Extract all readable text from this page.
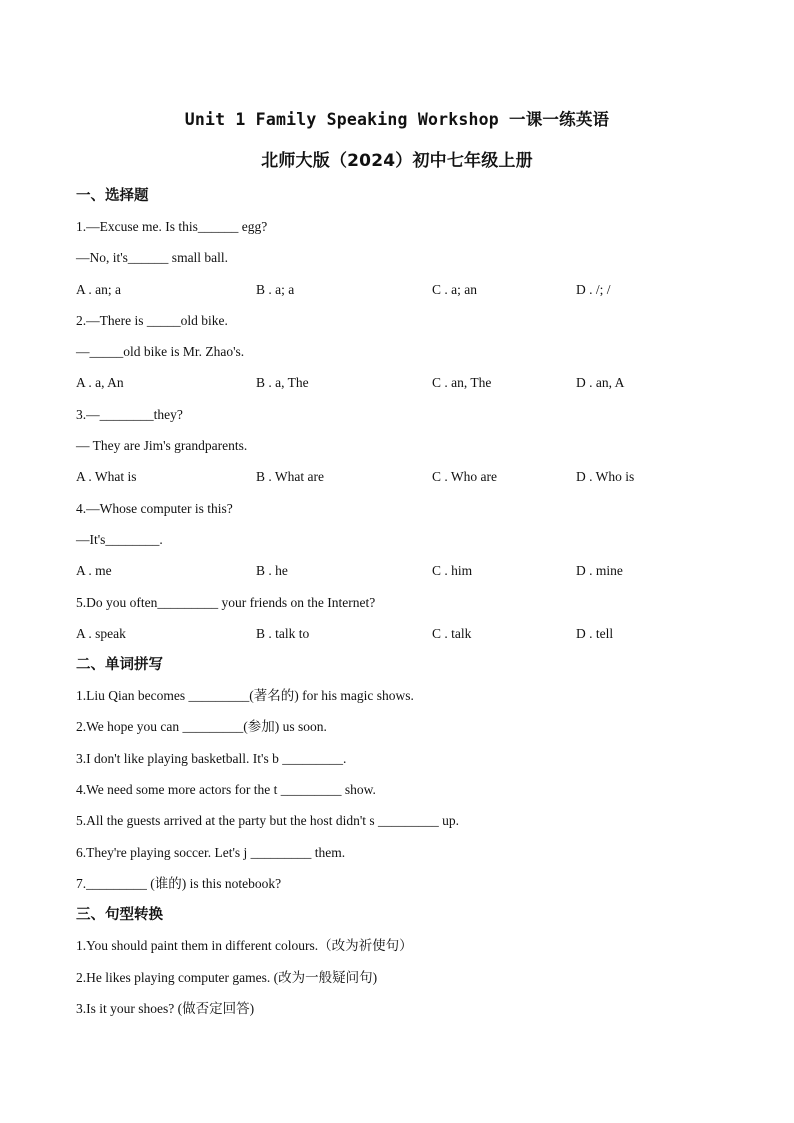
Unit 1 Family Speaking Workshop 一课一练英语
北师大版（2024）初中七年级上册
一、选择题
1.—Excuse me. Is this______ egg?
—No, it's______ small ball.
A . an; a	B . a; a	C . a; an	D . /; /
2.—There is _____old bike.
—_____old bike is Mr. Zhao's.
A . a, An	B . a, The	C . an, The	D . an, A
3.—________they?
— They are Jim's grandparents.
A . What is	B . What are	C . Who are	D . Who is
4.—Whose computer is this?
—It's________.
A . me	B . he	C . him	D . mine
5.Do you often_________ your friends on the Internet?
A . speak	B . talk to	C . talk	D . tell
二、单词拼写
1.Liu Qian becomes _________(著名的) for his magic shows.
2.We hope you can _________(参加) us soon.
3.I don't like playing basketball. It's b _________.
4.We need some more actors for the t _________ show.
5.All the guests arrived at the party but the host didn't s _________ up.
6.They're playing soccer. Let's j _________ them.
7._________ (谁的) is this notebook?
三、句型转换
1.You should paint them in different colours.（改为祈使句）
2.He likes playing computer games. (改为一般疑问句)
3.Is it your shoes? (做否定回答)
